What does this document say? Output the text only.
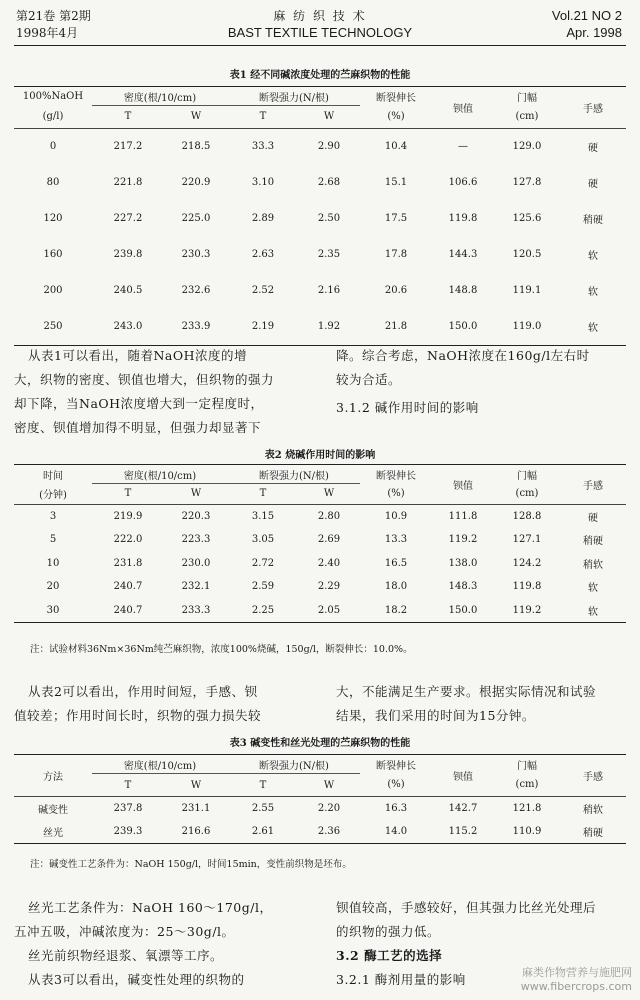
第21卷 第2期
1998年4月
麻 纺 织 技 术
BAST TEXTILE TECHNOLOGY
Vol.21 NO 2
Apr. 1998
表1 经不同碱浓度处理的苎麻织物的性能
100%NaOH	密度(根/10/cm)		断裂强力(N/根)		断裂伸长	钡值	门幅	手感
(g/l)	T	W	T	W	(%)		(cm)	
0	217.2	218.5	33.3	2.90	10.4	—	129.0	硬
80	221.8	220.9	3.10	2.68	15.1	106.6	127.8	硬
120	227.2	225.0	2.89	2.50	17.5	119.8	125.6	稍硬
160	239.8	230.3	2.63	2.35	17.8	144.3	120.5	软
200	240.5	232.6	2.52	2.16	20.6	148.8	119.1	软
250	243.0	233.9	2.19	1.92	21.8	150.0	119.0	软
从表1可以看出，随着NaOH浓度的增
大，织物的密度、钡值也增大，但织物的强力
却下降，当NaOH浓度增大到一定程度时，
密度、钡值增加得不明显，但强力却显著下
降。综合考虑，NaOH浓度在160g/l左右时
较为合适。
3.1.2 碱作用时间的影响
表2 烧碱作用时间的影响
时间	密度(根/10/cm)		断裂强力(N/根)		断裂伸长	钡值	门幅	手感
(分钟)	T	W	T	W	(%)		(cm)	
3	219.9	220.3	3.15	2.80	10.9	111.8	128.8	硬
5	222.0	223.3	3.05	2.69	13.3	119.2	127.1	稍硬
10	231.8	230.0	2.72	2.40	16.5	138.0	124.2	稍软
20	240.7	232.1	2.59	2.29	18.0	148.3	119.8	软
30	240.7	233.3	2.25	2.05	18.2	150.0	119.2	软
注：试验材料36Nm×36Nm纯苎麻织物，浓度100%烧碱，150g/l，断裂伸长：10.0%。
从表2可以看出，作用时间短，手感、钡
值较差；作用时间长时，织物的强力损失较
大，不能满足生产要求。根据实际情况和试验
结果，我们采用的时间为15分钟。
表3 碱变性和丝光处理的苎麻织物的性能
方法	密度(根/10/cm)		断裂强力(N/根)		断裂伸长	钡值	门幅	手感
	T	W	T	W	(%)		(cm)	
碱变性	237.8	231.1	2.55	2.20	16.3	142.7	121.8	稍软
丝光	239.3	216.6	2.61	2.36	14.0	115.2	110.9	稍硬
注：碱变性工艺条件为：NaOH 150g/l，时间15min，变性前织物是坯布。
丝光工艺条件为：NaOH 160～170g/l，
五冲五吸，冲碱浓度为：25～30g/l。
丝光前织物经退浆、氧漂等工序。
从表3可以看出，碱变性处理的织物的
钡值较高，手感较好，但其强力比丝光处理后
的织物的强力低。
3.2 酶工艺的选择
3.2.1 酶剂用量的影响	麻类作物营养与施肥网
www.fibercrops.com
